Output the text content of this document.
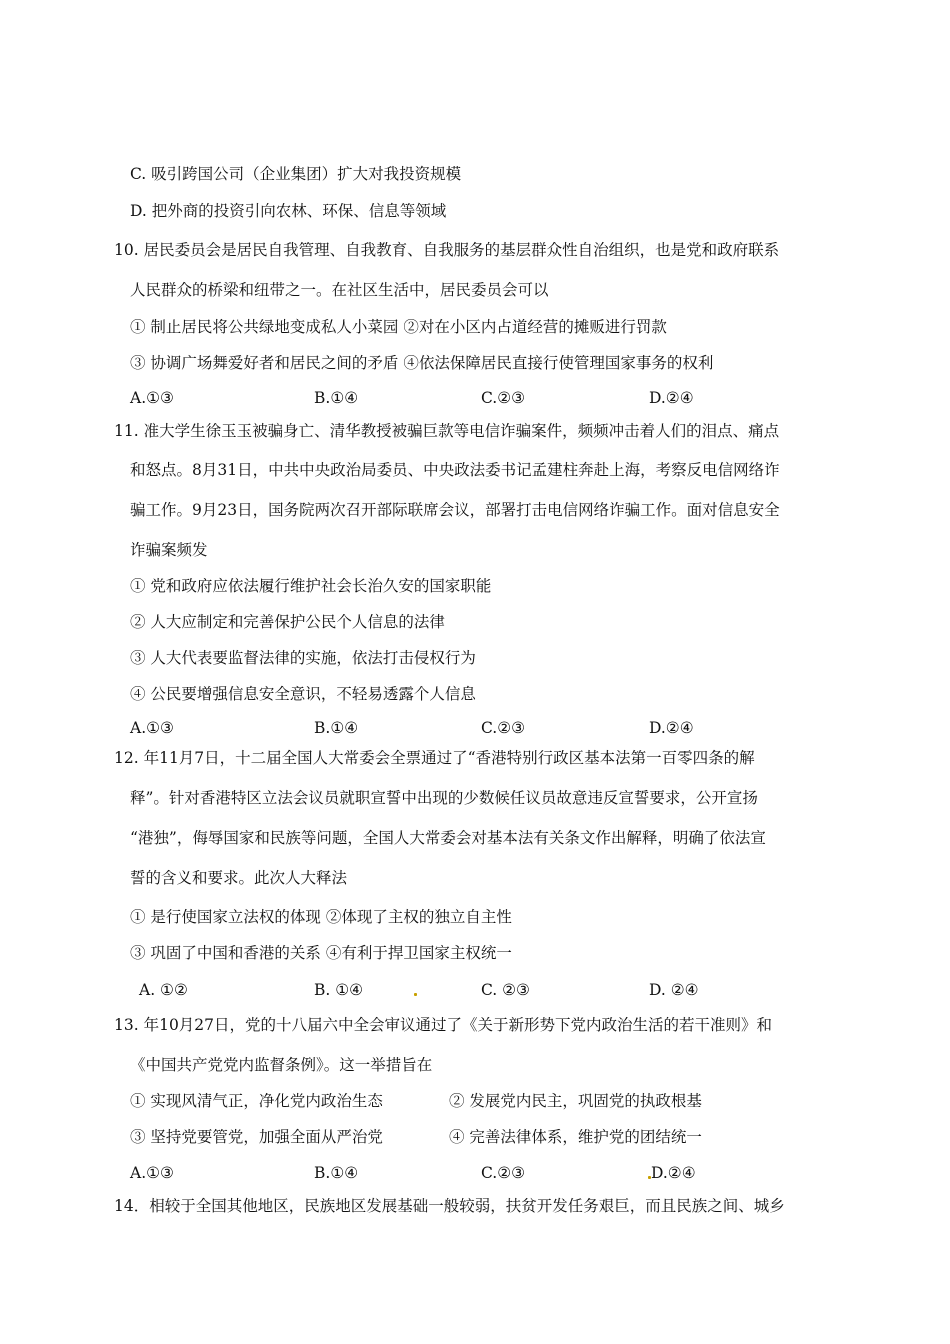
C. 吸引跨国公司（企业集团）扩大对我投资规模
D. 把外商的投资引向农林、环保、信息等领域
10. 居民委员会是居民自我管理、自我教育、自我服务的基层群众性自治组织，也是党和政府联系
人民群众的桥梁和纽带之一。在社区生活中，居民委员会可以
① 制止居民将公共绿地变成私人小菜园 ②对在小区内占道经营的摊贩进行罚款
③ 协调广场舞爱好者和居民之间的矛盾 ④依法保障居民直接行使管理国家事务的权利
A.①③	B.①④	C.②③	D.②④
11. 准大学生徐玉玉被骗身亡、清华教授被骗巨款等电信诈骗案件，频频冲击着人们的泪点、痛点
和怒点。8月31日，中共中央政治局委员、中央政法委书记孟建柱奔赴上海，考察反电信网络诈
骗工作。9月23日，国务院两次召开部际联席会议，部署打击电信网络诈骗工作。面对信息安全
诈骗案频发
① 党和政府应依法履行维护社会长治久安的国家职能
② 人大应制定和完善保护公民个人信息的法律
③ 人大代表要监督法律的实施，依法打击侵权行为
④ 公民要增强信息安全意识，不轻易透露个人信息
A.①③	B.①④	C.②③	D.②④
12. 年11月7日，十二届全国人大常委会全票通过了“香港特别行政区基本法第一百零四条的解
释”。针对香港特区立法会议员就职宣誓中出现的少数候任议员故意违反宣誓要求，公开宣扬
“港独”，侮辱国家和民族等问题，全国人大常委会对基本法有关条文作出解释，明确了依法宣
誓的含义和要求。此次人大释法
① 是行使国家立法权的体现 ②体现了主权的独立自主性
③ 巩固了中国和香港的关系 ④有利于捍卫国家主权统一
A. ①②	B. ①④	C. ②③	D. ②④
13. 年10月27日，党的十八届六中全会审议通过了《关于新形势下党内政治生活的若干准则》和
《中国共产党党内监督条例》。这一举措旨在
① 实现风清气正，净化党内政治生态	② 发展党内民主，巩固党的执政根基
③ 坚持党要管党，加强全面从严治党	④ 完善法律体系，维护党的团结统一
A.①③	B.①④	C.②③	D.②④
14．相较于全国其他地区，民族地区发展基础一般较弱，扶贫开发任务艰巨，而且民族之间、城乡
